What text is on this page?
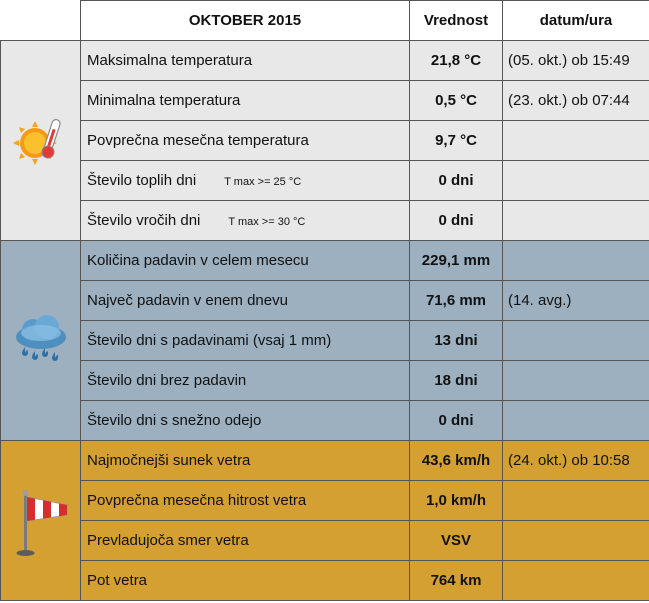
	OKTOBER 2015	Vrednost	datum/ura

	Maksimalna temperatura	21,8 °C	(05. okt.) ob 15:49
	Minimalna temperatura	0,5 °C	(23. okt.) ob 07:44
	Povprečna mesečna temperatura	9,7 °C	
	Število toplih dni T max >= 25 °C	0 dni	
	Število vročih dni T max >= 30 °C	0 dni	

	Količina padavin v celem mesecu	229,1 mm	
	Največ padavin v enem dnevu	71,6 mm	(14. avg.)
	Število dni s padavinami (vsaj 1 mm)	13 dni	
	Število dni brez padavin	18 dni	
	Število dni s snežno odejo	0 dni	

	Najmočnejši sunek vetra	43,6 km/h	(24. okt.) ob 10:58
	Povprečna mesečna hitrost vetra	1,0 km/h	
	Prevladujoča smer vetra	VSV	
	Pot vetra	764 km	
